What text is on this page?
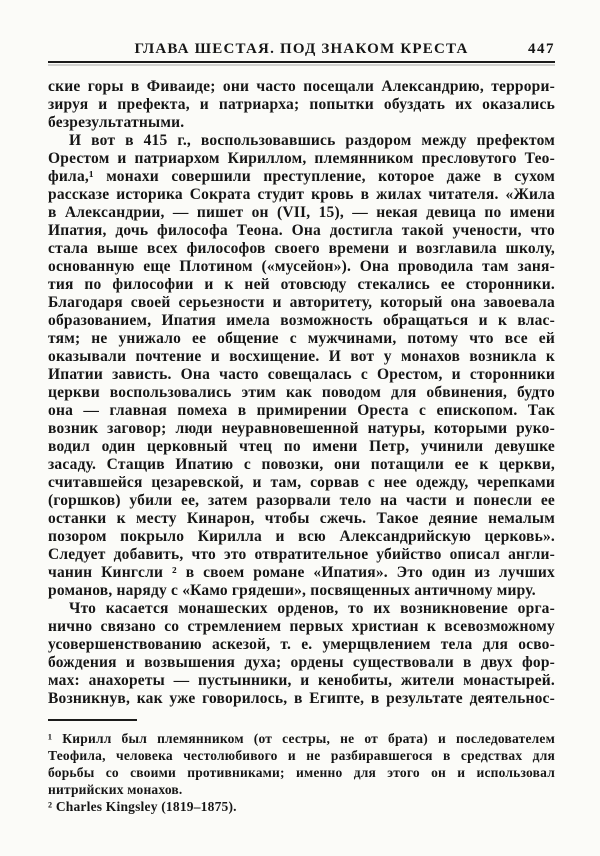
ГЛАВА ШЕСТАЯ. ПОД ЗНАКОМ КРЕСТА	447
ские горы в Фиваиде; они часто посещали Александрию, террори-
зируя и префекта, и патриарха; попытки обуздать их оказались
безрезультатными.
И вот в 415 г., воспользовавшись раздором между префектом
Орестом и патриархом Кириллом, племянником пресловутого Тео-
фила,¹ монахи совершили преступление, которое даже в сухом
рассказе историка Сократа студит кровь в жилах читателя. «Жила
в Александрии, — пишет он (VII, 15), — некая девица по имени
Ипатия, дочь философа Теона. Она достигла такой учености, что
стала выше всех философов своего времени и возглавила школу,
основанную еще Плотином («мусейон»). Она проводила там заня-
тия по философии и к ней отовсюду стекались ее сторонники.
Благодаря своей серьезности и авторитету, который она завоевала
образованием, Ипатия имела возможность обращаться и к влас-
тям; не унижало ее общение с мужчинами, потому что все ей
оказывали почтение и восхищение. И вот у монахов возникла к
Ипатии зависть. Она часто совещалась с Орестом, и сторонники
церкви воспользовались этим как поводом для обвинения, будто
она — главная помеха в примирении Ореста с епископом. Так
возник заговор; люди неуравновешенной натуры, которыми руко-
водил один церковный чтец по имени Петр, учинили девушке
засаду. Стащив Ипатию с повозки, они потащили ее к церкви,
считавшейся цезаревской, и там, сорвав с нее одежду, черепками
(горшков) убили ее, затем разорвали тело на части и понесли ее
останки к месту Кинарон, чтобы сжечь. Такое деяние немалым
позором покрыло Кирилла и всю Александрийскую церковь».
Следует добавить, что это отвратительное убийство описал англи-
чанин Кингсли ² в своем романе «Ипатия». Это один из лучших
романов, наряду с «Камо грядеши», посвященных античному миру.
Что касается монашеских орденов, то их возникновение орга-
нично связано со стремлением первых христиан к всевозможному
усовершенствованию аскезой, т. е. умерщвлением тела для осво-
бождения и возвышения духа; ордены существовали в двух фор-
мах: анахореты — пустынники, и кенобиты, жители монастырей.
Возникнув, как уже говорилось, в Египте, в результате деятельнос-
¹ Кирилл был племянником (от сестры, не от брата) и последователем
Теофила, человека честолюбивого и не разбиравшегося в средствах для
борьбы со своими противниками; именно для этого он и использовал
нитрийских монахов.
² Charles Kingsley (1819–1875).
